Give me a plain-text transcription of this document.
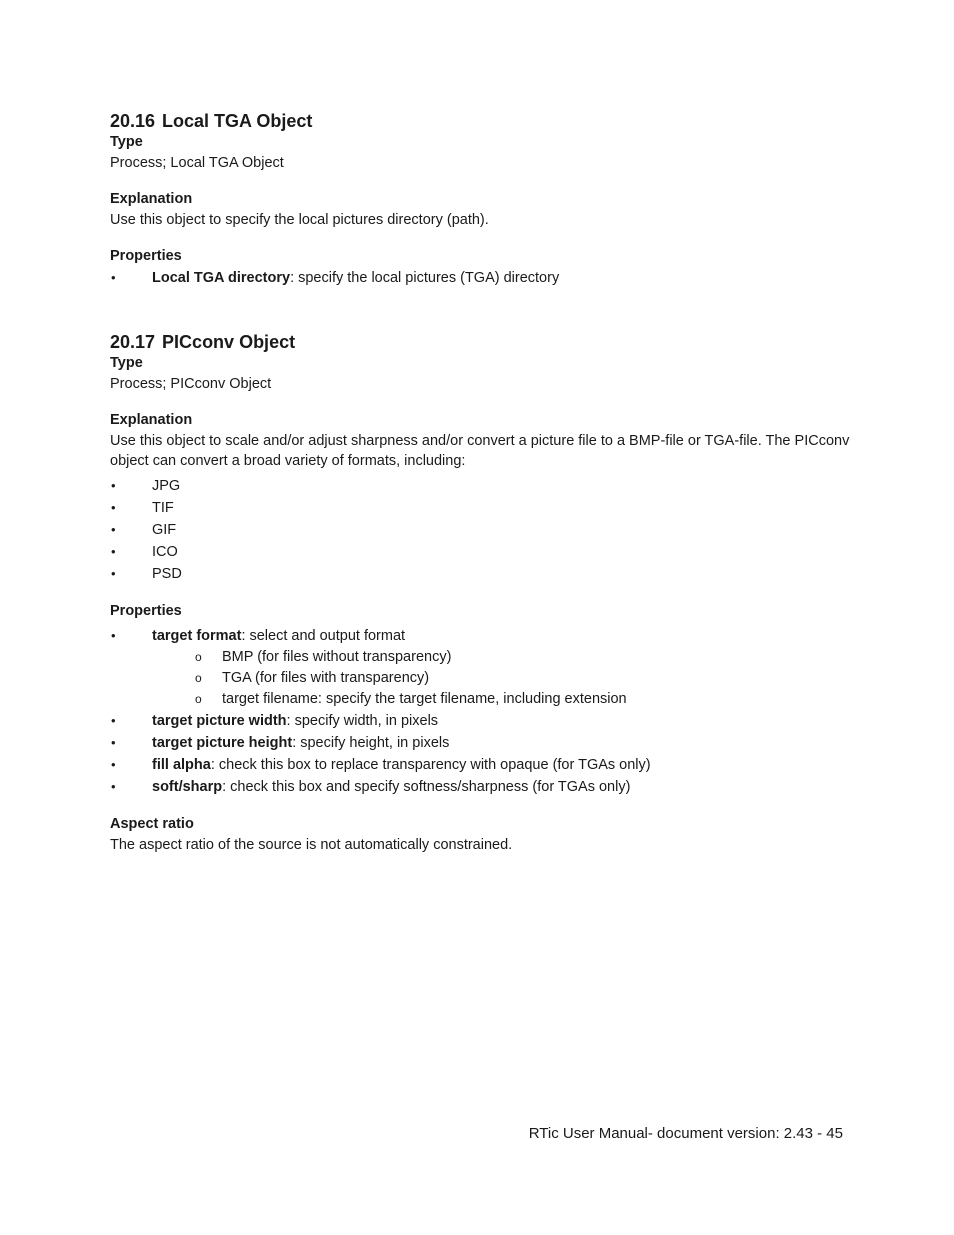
20.16 Local TGA Object
Type

Process; Local TGA Object

Explanation

Use this object to specify the local pictures directory (path).

Properties
• Local TGA directory: specify the local pictures (TGA) directory
20.17 PICconv Object
Type

Process; PICconv Object

Explanation

Use this object to scale and/or adjust sharpness and/or convert a picture file to a BMP-file or TGA-file. The PICconv object can convert a broad variety of formats, including:

• JPG
• TIF
• GIF
• ICO
• PSD
Properties
• target format: select and output format
o BMP (for files without transparency)
o TGA (for files with transparency)
o target filename: specify the target filename, including extension
• target picture width: specify width, in pixels
• target picture height: specify height, in pixels
• fill alpha: check this box to replace transparency with opaque (for TGAs only)
• soft/sharp: check this box and specify softness/sharpness (for TGAs only)
Aspect ratio

The aspect ratio of the source is not automatically constrained.

RTic User Manual- document version: 2.43 - 45
